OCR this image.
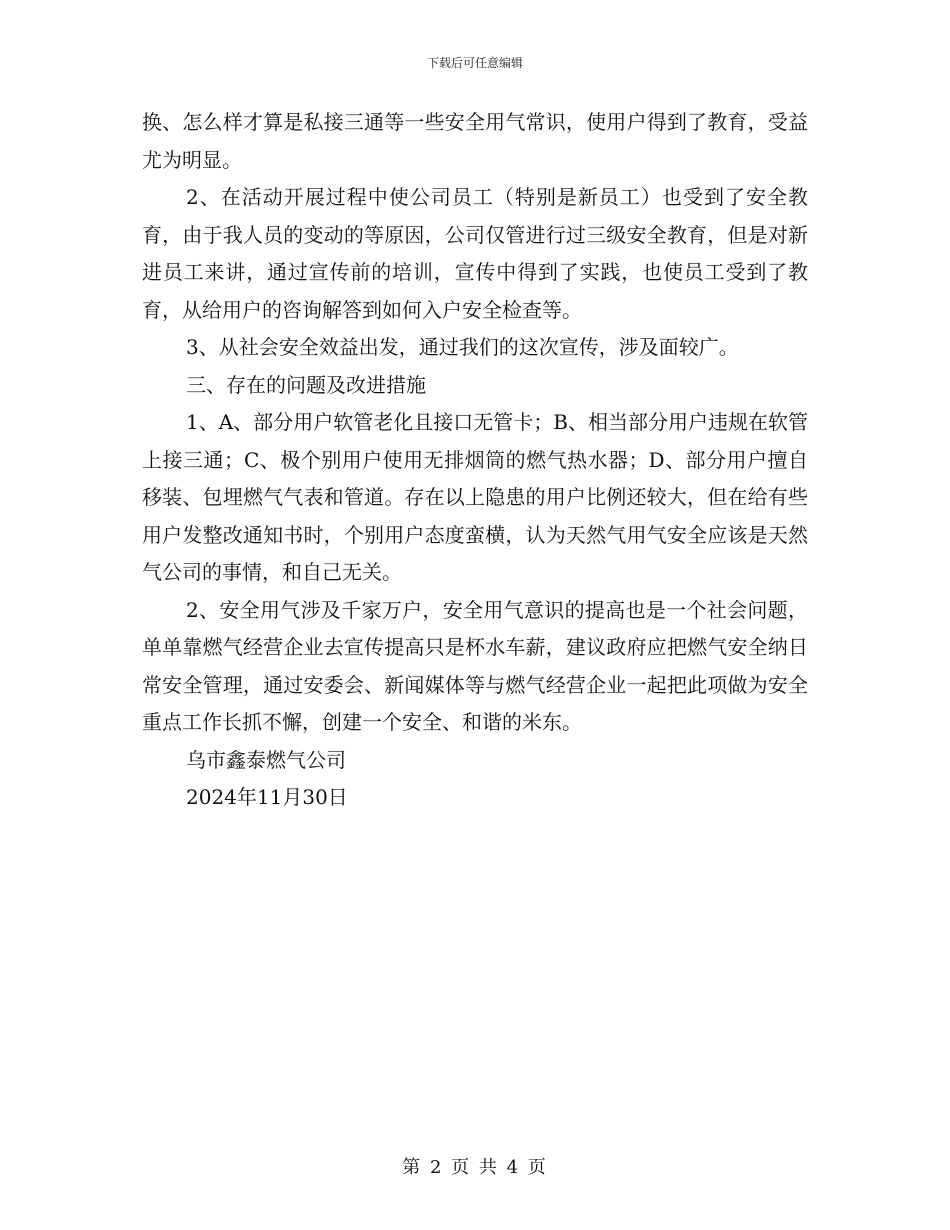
下载后可任意编辑

换、怎么样才算是私接三通等一些安全用气常识，使用户得到了教育，受益尤为明显。

2、在活动开展过程中使公司员工（特别是新员工）也受到了安全教育，由于我人员的变动的等原因，公司仅管进行过三级安全教育，但是对新进员工来讲，通过宣传前的培训，宣传中得到了实践，也使员工受到了教育，从给用户的咨询解答到如何入户安全检查等。

3、从社会安全效益出发，通过我们的这次宣传，涉及面较广。

三、存在的问题及改进措施

1、A、部分用户软管老化且接口无管卡；B、相当部分用户违规在软管上接三通；C、极个别用户使用无排烟筒的燃气热水器；D、部分用户擅自移装、包埋燃气气表和管道。存在以上隐患的用户比例还较大，但在给有些用户发整改通知书时，个别用户态度蛮横，认为天然气用气安全应该是天然气公司的事情，和自己无关。

2、安全用气涉及千家万户，安全用气意识的提高也是一个社会问题，单单靠燃气经营企业去宣传提高只是杯水车薪，建议政府应把燃气安全纳日常安全管理，通过安委会、新闻媒体等与燃气经营企业一起把此项做为安全重点工作长抓不懈，创建一个安全、和谐的米东。

乌市鑫泰燃气公司

2024年11月30日

第 2 页 共 4 页
